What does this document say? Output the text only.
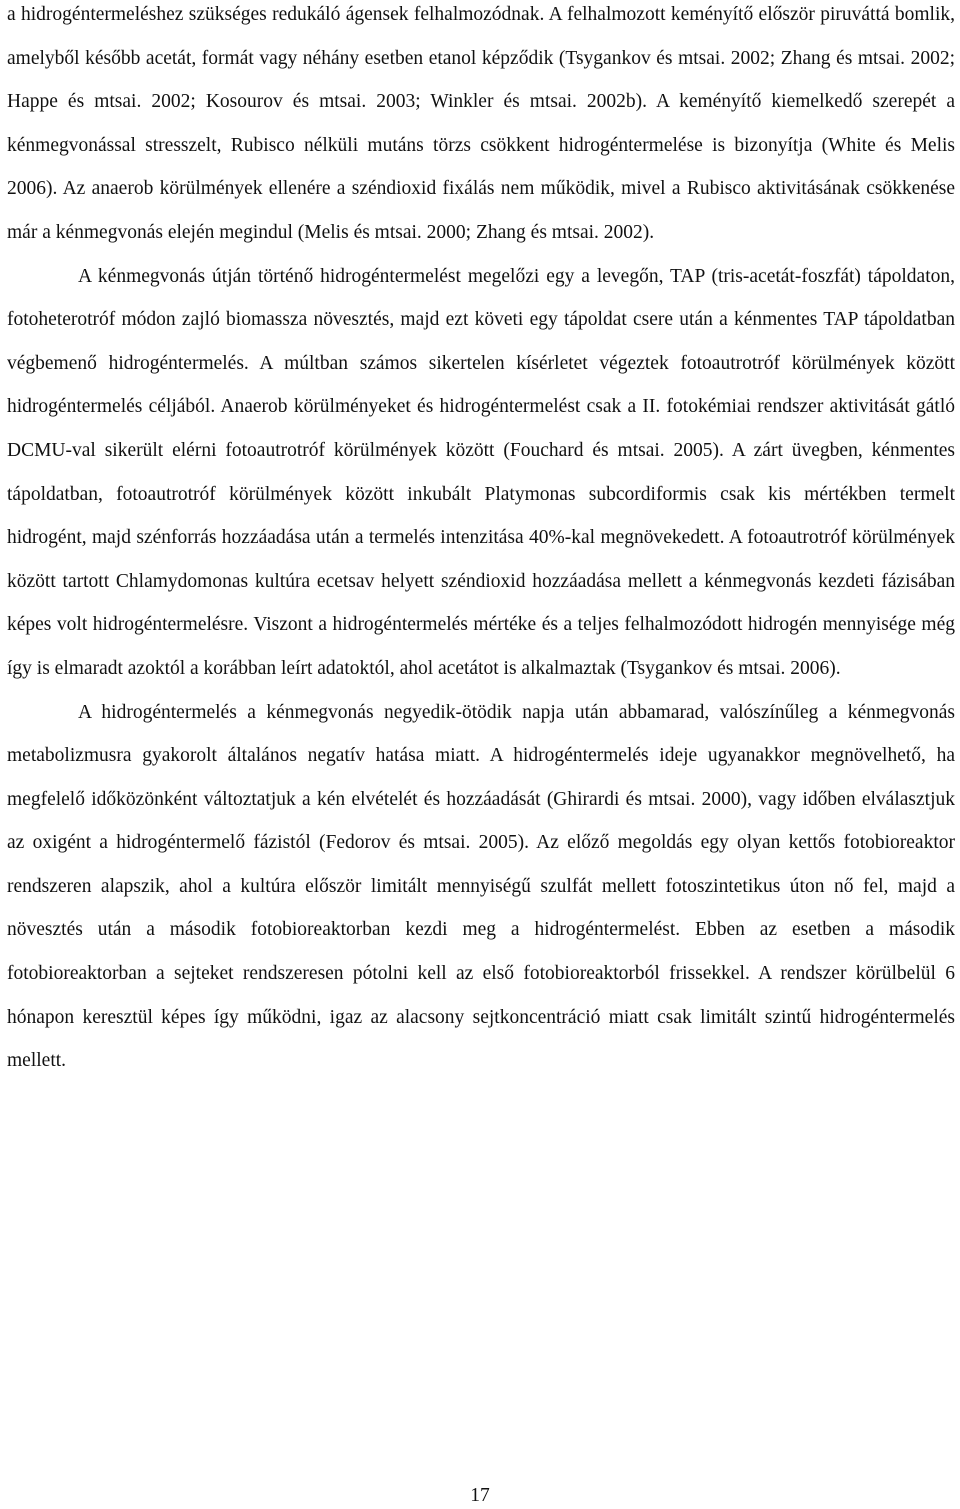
a hidrogéntermeléshez szükséges redukáló ágensek felhalmozódnak. A felhalmozott keményítő először piruváttá bomlik, amelyből később acetát, formát vagy néhány esetben etanol képződik (Tsygankov és mtsai. 2002; Zhang és mtsai. 2002; Happe és mtsai. 2002; Kosourov és mtsai. 2003; Winkler és mtsai. 2002b). A keményítő kiemelkedő szerepét a kénmegvonással stresszelt, Rubisco nélküli mutáns törzs csökkent hidrogéntermelése is bizonyítja (White és Melis 2006). Az anaerob körülmények ellenére a széndioxid fixálás nem működik, mivel a Rubisco aktivitásának csökkenése már a kénmegvonás elején megindul (Melis és mtsai. 2000; Zhang és mtsai. 2002).

A kénmegvonás útján történő hidrogéntermelést megelőzi egy a levegőn, TAP (tris-acetát-foszfát) tápoldaton, fotoheterotróf módon zajló biomassza növesztés, majd ezt követi egy tápoldat csere után a kénmentes TAP tápoldatban végbemenő hidrogéntermelés. A múltban számos sikertelen kísérletet végeztek fotoautrotróf körülmények között hidrogéntermelés céljából. Anaerob körülményeket és hidrogéntermelést csak a II. fotokémiai rendszer aktivitását gátló DCMU-val sikerült elérni fotoautrotróf körülmények között (Fouchard és mtsai. 2005). A zárt üvegben, kénmentes tápoldatban, fotoautrotróf körülmények között inkubált Platymonas subcordiformis csak kis mértékben termelt hidrogént, majd szénforrás hozzáadása után a termelés intenzitása 40%-kal megnövekedett. A fotoautrotróf körülmények között tartott Chlamydomonas kultúra ecetsav helyett széndioxid hozzáadása mellett a kénmegvonás kezdeti fázisában képes volt hidrogéntermelésre. Viszont a hidrogéntermelés mértéke és a teljes felhalmozódott hidrogén mennyisége még így is elmaradt azoktól a korábban leírt adatoktól, ahol acetátot is alkalmaztak (Tsygankov és mtsai. 2006).

A hidrogéntermelés a kénmegvonás negyedik-ötödik napja után abbamarad, valószínűleg a kénmegvonás metabolizmusra gyakorolt általános negatív hatása miatt. A hidrogéntermelés ideje ugyanakkor megnövelhető, ha megfelelő időközönként változtatjuk a kén elvételét és hozzáadását (Ghirardi és mtsai. 2000), vagy időben elválasztjuk az oxigént a hidrogéntermelő fázistól (Fedorov és mtsai. 2005). Az előző megoldás egy olyan kettős fotobioreaktor rendszeren alapszik, ahol a kultúra először limitált mennyiségű szulfát mellett fotoszintetikus úton nő fel, majd a növesztés után a második fotobioreaktorban kezdi meg a hidrogéntermelést. Ebben az esetben a második fotobioreaktorban a sejteket rendszeresen pótolni kell az első fotobioreaktorból frissekkel. A rendszer körülbelül 6 hónapon keresztül képes így működni, igaz az alacsony sejtkoncentráció miatt csak limitált szintű hidrogéntermelés mellett.

17
